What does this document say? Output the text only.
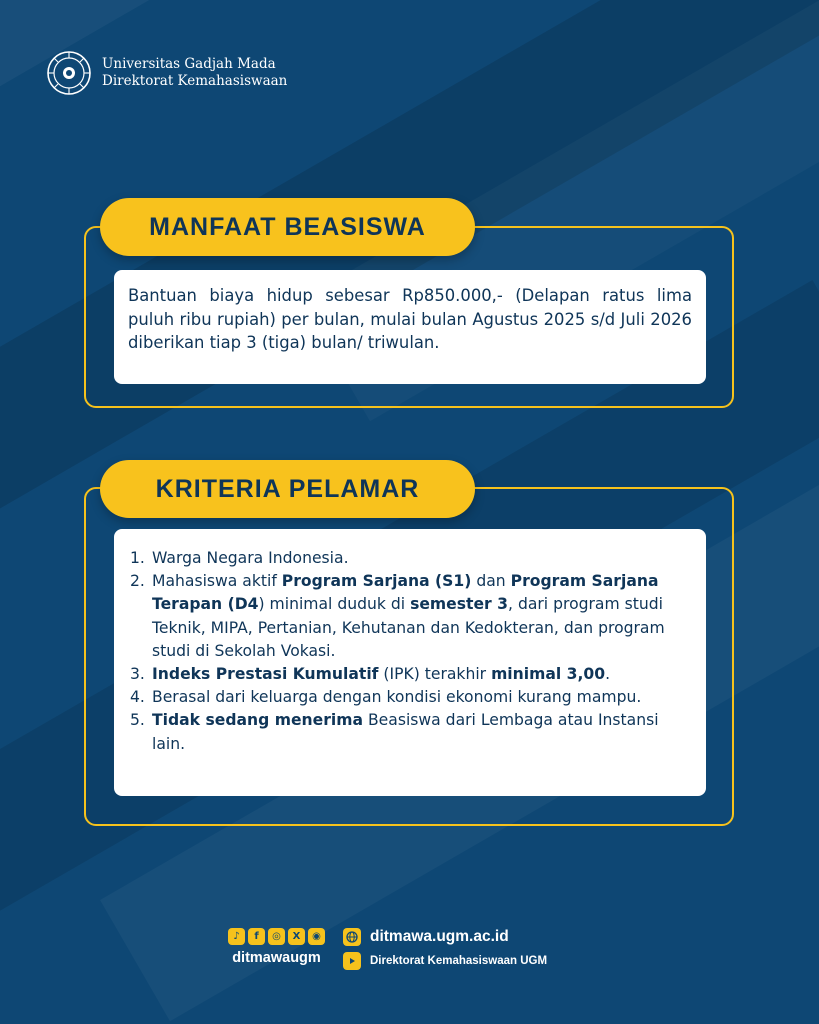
Universitas Gadjah Mada
Direktorat Kemahasiswaan
MANFAAT BEASISWA

Bantuan biaya hidup sebesar Rp850.000,- (Delapan ratus lima puluh ribu rupiah) per bulan, mulai bulan Agustus 2025 s/d Juli 2026 diberikan tiap 3 (tiga) bulan/ triwulan.

KRITERIA PELAMAR
1. Warga Negara Indonesia.
2. Mahasiswa aktif Program Sarjana (S1) dan Program Sarjana Terapan (D4) minimal duduk di semester 3, dari program studi Teknik, MIPA, Pertanian, Kehutanan dan Kedokteran, dan program studi di Sekolah Vokasi.
3. Indeks Prestasi Kumulatif (IPK) terakhir minimal 3,00.
4. Berasal dari keluarga dengan kondisi ekonomi kurang mampu.
5. Tidak sedang menerima Beasiswa dari Lembaga atau Instansi lain.
♪	f	◎	X	◉
ditmawaugm
ditmawa.ugm.ac.id
Direktorat Kemahasiswaan UGM
